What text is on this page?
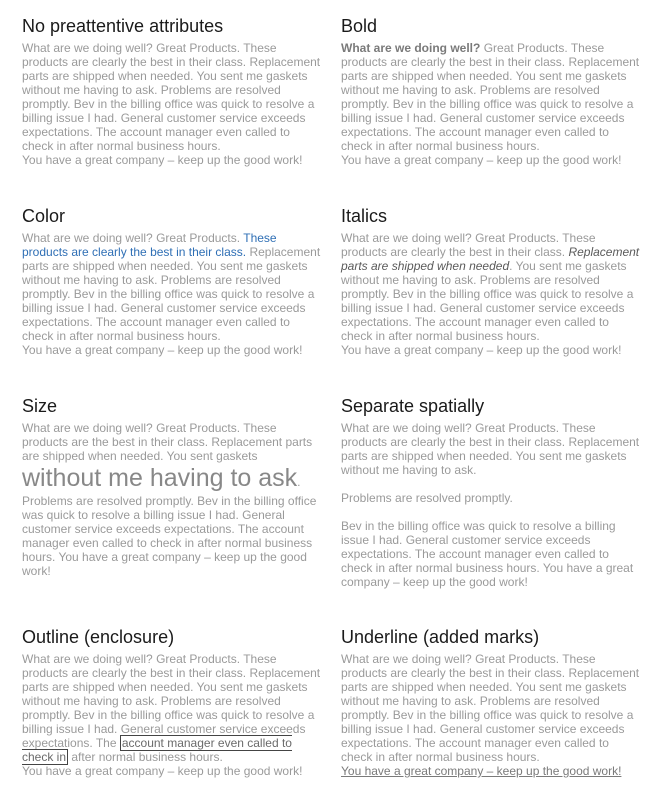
No preattentive attributes

What are we doing well? Great Products. These products are clearly the best in their class. Replacement parts are shipped when needed. You sent me gaskets without me having to ask. Problems are resolved promptly. Bev in the billing office was quick to resolve a billing issue I had. General customer service exceeds expectations. The account manager even called to check in after normal business hours.

You have a great company – keep up the good work!

Bold

What are we doing well? Great Products. These products are clearly the best in their class. Replacement parts are shipped when needed. You sent me gaskets without me having to ask. Problems are resolved promptly. Bev in the billing office was quick to resolve a billing issue I had. General customer service exceeds expectations. The account manager even called to check in after normal business hours.

You have a great company – keep up the good work!

Color

What are we doing well? Great Products. These products are clearly the best in their class. Replacement parts are shipped when needed. You sent me gaskets without me having to ask. Problems are resolved promptly. Bev in the billing office was quick to resolve a billing issue I had. General customer service exceeds expectations. The account manager even called to check in after normal business hours.

You have a great company – keep up the good work!

Italics

What are we doing well? Great Products. These products are clearly the best in their class. Replacement parts are shipped when needed. You sent me gaskets without me having to ask. Problems are resolved promptly. Bev in the billing office was quick to resolve a billing issue I had. General customer service exceeds expectations. The account manager even called to check in after normal business hours.

You have a great company – keep up the good work!

Size

What are we doing well? Great Products. These products are the best in their class. Replacement parts are shipped when needed. You sent gaskets without me having to ask. Problems are resolved promptly. Bev in the billing office was quick to resolve a billing issue I had. General customer service exceeds expectations. The account manager even called to check in after normal business hours. You have a great company – keep up the good work!

Separate spatially

What are we doing well? Great Products. These products are clearly the best in their class. Replacement parts are shipped when needed. You sent me gaskets without me having to ask.

Problems are resolved promptly.

Bev in the billing office was quick to resolve a billing issue I had. General customer service exceeds expectations. The account manager even called to check in after normal business hours. You have a great company – keep up the good work!

Outline (enclosure)

What are we doing well? Great Products. These products are clearly the best in their class. Replacement parts are shipped when needed. You sent me gaskets without me having to ask. Problems are resolved promptly. Bev in the billing office was quick to resolve a billing issue I had. General customer service exceeds expectations. The account manager even called to check in after normal business hours.

You have a great company – keep up the good work!

Underline (added marks)

What are we doing well? Great Products. These products are clearly the best in their class. Replacement parts are shipped when needed. You sent me gaskets without me having to ask. Problems are resolved promptly. Bev in the billing office was quick to resolve a billing issue I had. General customer service exceeds expectations. The account manager even called to check in after normal business hours.

You have a great company – keep up the good work!
